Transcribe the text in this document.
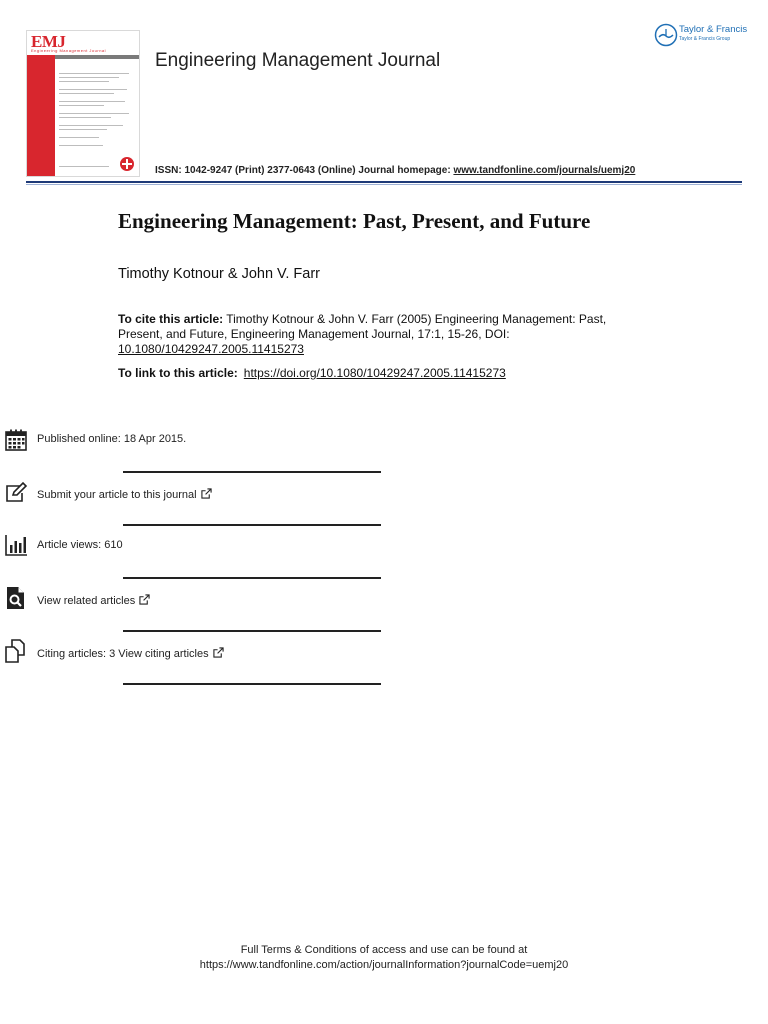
EMJ
Engineering Management Journal	Engineering Management Journal
ISSN: 1042-9247 (Print) 2377-0643 (Online) Journal homepage: www.tandfonline.com/journals/uemj20
Taylor & Francis
Taylor & Francis Group
Engineering Management: Past, Present, and Future
Timothy Kotnour & John V. Farr
To cite this article: Timothy Kotnour & John V. Farr (2005) Engineering Management: Past, Present, and Future, Engineering Management Journal, 17:1, 15-26, DOI:
10.1080/10429247.2005.11415273
To link to this article: https://doi.org/10.1080/10429247.2005.11415273
Published online: 18 Apr 2015.
Submit your article to this journal
Article views: 610
View related articles
Citing articles: 3 View citing articles
Full Terms & Conditions of access and use can be found at
https://www.tandfonline.com/action/journalInformation?journalCode=uemj20
